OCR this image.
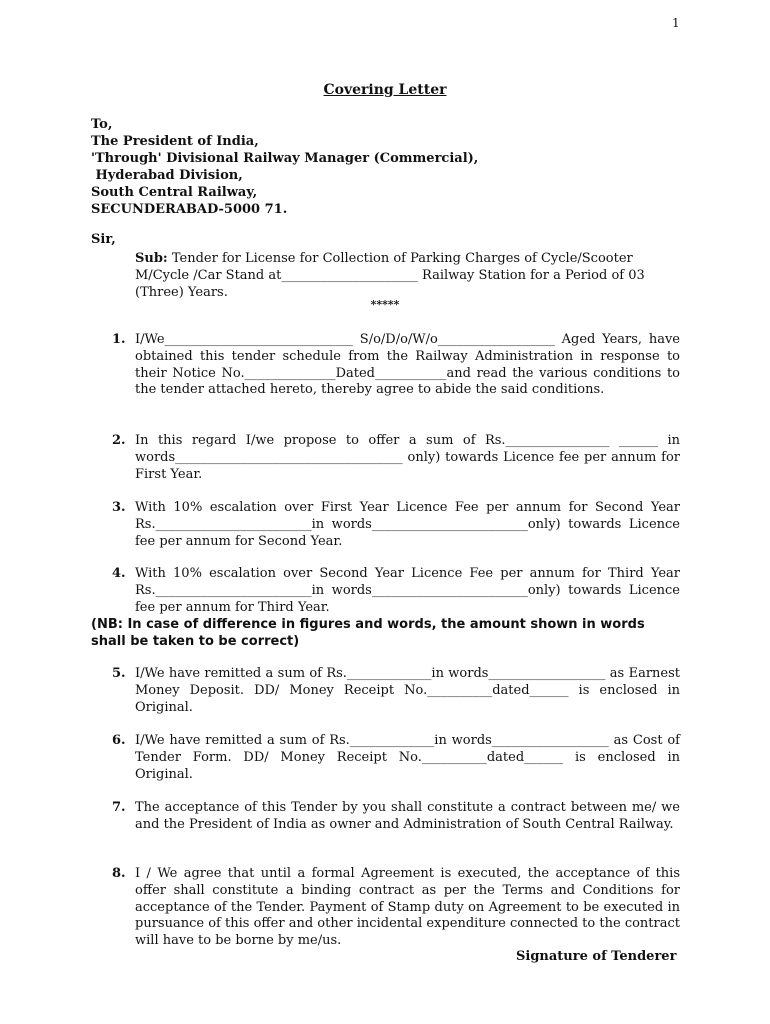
1
Covering Letter
To,
The President of India,
'Through' Divisional Railway Manager (Commercial),
Hyderabad Division,
South Central Railway,
SECUNDERABAD-5000 71.
Sir,
Sub: Tender for License for Collection of Parking Charges of Cycle/Scooter M/Cycle /Car Stand at_____________________ Railway Station for a Period of 03 (Three) Years.
*****
1. I/We_____________________________ S/o/D/o/W/o__________________ Aged Years, have obtained this tender schedule from the Railway Administration in response to their Notice No.______________Dated___________and read the various conditions to the tender attached hereto, thereby agree to abide the said conditions.
2. In this regard I/we propose to offer a sum of Rs.________________ ______ in words___________________________________ only) towards Licence fee per annum for First Year.
3. With 10% escalation over First Year Licence Fee per annum for Second Year Rs.________________________in words________________________only) towards Licence fee per annum for Second Year.
4. With 10% escalation over Second Year Licence Fee per annum for Third Year Rs.________________________in words________________________only) towards Licence fee per annum for Third Year.
(NB: In case of difference in figures and words, the amount shown in words shall be taken to be correct)
5. I/We have remitted a sum of Rs._____________in words__________________ as Earnest Money Deposit. DD/ Money Receipt No.__________dated______ is enclosed in Original.
6. I/We have remitted a sum of Rs._____________in words__________________ as Cost of Tender Form. DD/ Money Receipt No.__________dated______ is enclosed in Original.
7. The acceptance of this Tender by you shall constitute a contract between me/ we and the President of India as owner and Administration of South Central Railway.
8. I / We agree that until a formal Agreement is executed, the acceptance of this offer shall constitute a binding contract as per the Terms and Conditions for acceptance of the Tender. Payment of Stamp duty on Agreement to be executed in pursuance of this offer and other incidental expenditure connected to the contract will have to be borne by me/us.
Signature of Tenderer
